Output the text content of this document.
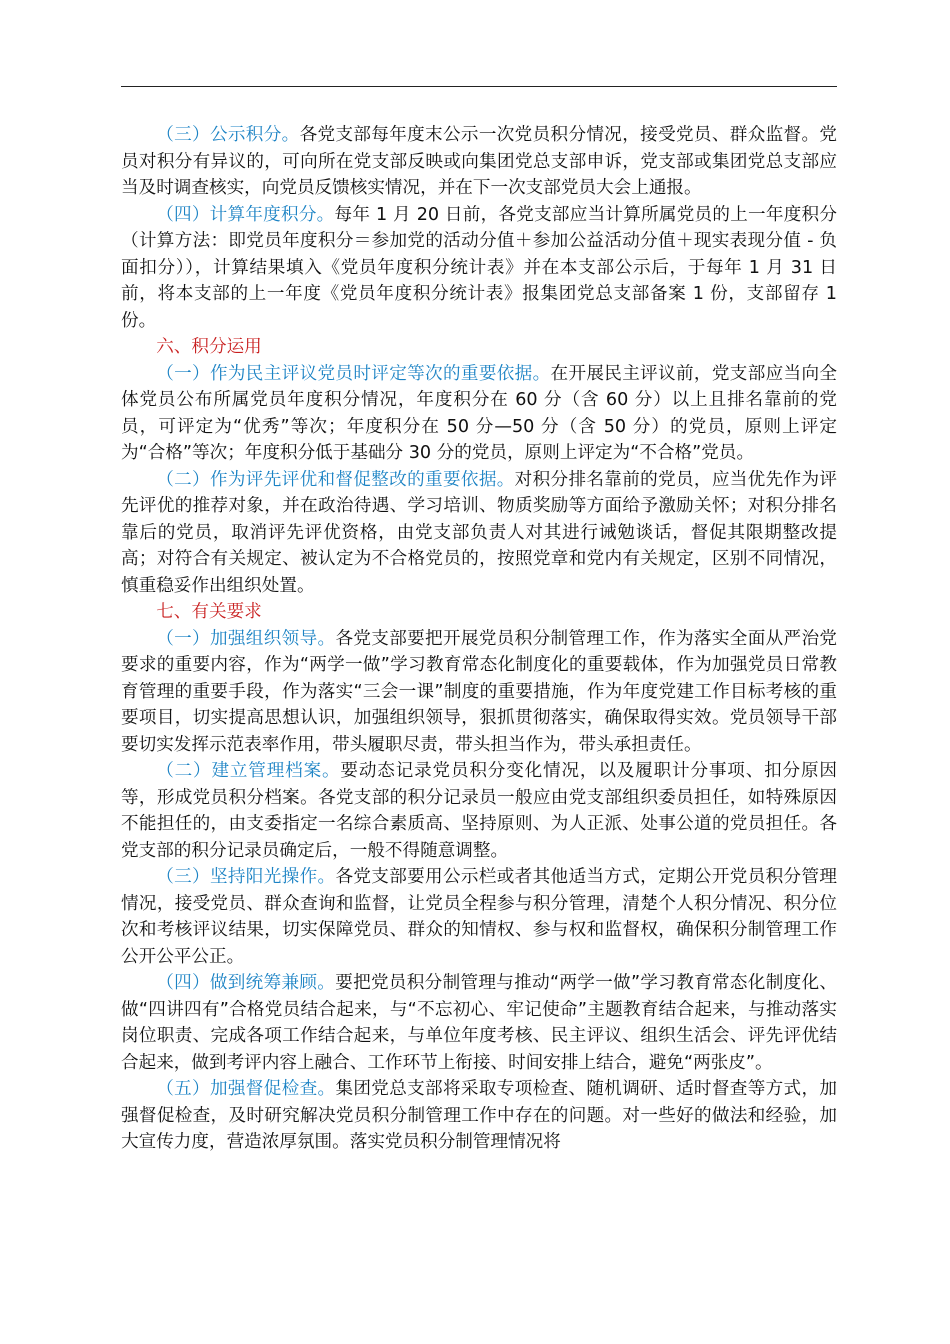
（三）公示积分。各党支部每年度末公示一次党员积分情况，接受党员、群众监督。党员对积分有异议的，可向所在党支部反映或向集团党总支部申诉，党支部或集团党总支部应当及时调查核实，向党员反馈核实情况，并在下一次支部党员大会上通报。

（四）计算年度积分。每年 1 月 20 日前，各党支部应当计算所属党员的上一年度积分（计算方法：即党员年度积分＝参加党的活动分值＋参加公益活动分值＋现实表现分值 - 负面扣分）），计算结果填入《党员年度积分统计表》并在本支部公示后，于每年 1 月 31 日前，将本支部的上一年度《党员年度积分统计表》报集团党总支部备案 1 份，支部留存 1 份。

六、积分运用

（一）作为民主评议党员时评定等次的重要依据。在开展民主评议前，党支部应当向全体党员公布所属党员年度积分情况，年度积分在 60 分（含 60 分）以上且排名靠前的党员，可评定为“优秀”等次；年度积分在 50 分—50 分（含 50 分）的党员，原则上评定为“合格”等次；年度积分低于基础分 30 分的党员，原则上评定为“不合格”党员。

（二）作为评先评优和督促整改的重要依据。对积分排名靠前的党员，应当优先作为评先评优的推荐对象，并在政治待遇、学习培训、物质奖励等方面给予激励关怀；对积分排名靠后的党员，取消评先评优资格，由党支部负责人对其进行诫勉谈话，督促其限期整改提高；对符合有关规定、被认定为不合格党员的，按照党章和党内有关规定，区别不同情况，慎重稳妥作出组织处置。

七、有关要求

（一）加强组织领导。各党支部要把开展党员积分制管理工作，作为落实全面从严治党要求的重要内容，作为“两学一做”学习教育常态化制度化的重要载体，作为加强党员日常教育管理的重要手段，作为落实“三会一课”制度的重要措施，作为年度党建工作目标考核的重要项目，切实提高思想认识，加强组织领导，狠抓贯彻落实，确保取得实效。党员领导干部要切实发挥示范表率作用，带头履职尽责，带头担当作为，带头承担责任。

（二）建立管理档案。要动态记录党员积分变化情况，以及履职计分事项、扣分原因等，形成党员积分档案。各党支部的积分记录员一般应由党支部组织委员担任，如特殊原因不能担任的，由支委指定一名综合素质高、坚持原则、为人正派、处事公道的党员担任。各党支部的积分记录员确定后，一般不得随意调整。

（三）坚持阳光操作。各党支部要用公示栏或者其他适当方式，定期公开党员积分管理情况，接受党员、群众查询和监督，让党员全程参与积分管理，清楚个人积分情况、积分位次和考核评议结果，切实保障党员、群众的知情权、参与权和监督权，确保积分制管理工作公开公平公正。

（四）做到统筹兼顾。要把党员积分制管理与推动“两学一做”学习教育常态化制度化、做“四讲四有”合格党员结合起来，与“不忘初心、牢记使命”主题教育结合起来，与推动落实岗位职责、完成各项工作结合起来，与单位年度考核、民主评议、组织生活会、评先评优结合起来，做到考评内容上融合、工作环节上衔接、时间安排上结合，避免“两张皮”。

（五）加强督促检查。集团党总支部将采取专项检查、随机调研、适时督查等方式，加强督促检查，及时研究解决党员积分制管理工作中存在的问题。对一些好的做法和经验，加大宣传力度，营造浓厚氛围。落实党员积分制管理情况将
